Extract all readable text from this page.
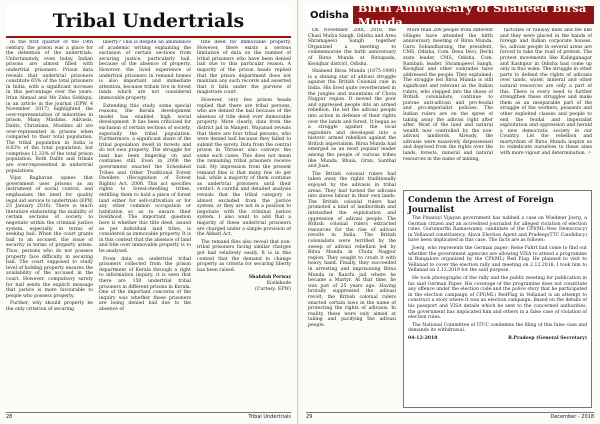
Tribal Undertrials

In the first quarter of the 19th century, the prison was a place for the detention of the undertrials. Unfortunately, even today, Indian prisons are almost filled with undertrial prisoners. Prison data reveals that undertrial prisoners constitute 65% of the total prisoners in India, with a significant increase in this percentage over the years. Irfan Ahmad and Ms Zeba Siddiqui, in an article in the journal (EPW, 4 November 2017) highlighted the over-representation of minorities in prison. Many Muslims, Adivasis, Dalits, Christians, Muslims all are over-represented in prisons when compared to their total population. The tribal population in India is 8.63% of the total population, but comprises 11.33% of the total prison population. Both Dalits and tribals are over-represented in undertrial populations.

Vijay Raghavan opines that government uses prisons as an instrument of social control, and emphasises the need for quality legal aid service to undertrials (EPW, 23 January 2016). There is much literature elaborating the inability of certain sections of society to negotiate within the criminal justice system, especially in terms of seeking bail. When the court grants bail to an accused, the issue of security in terms of property arises. Thus, persons who do not possess property face difficulty in securing bail. The court supposed to study level of holding property ensures the availability of the accused in the court. However, compulsory surety for bail sends the explicit message that justice is more favourable to people who possess property.

Further, why should property be the only criterion of securing

liberty? This is despite an abundance of academic writing explaining the exclusion of certain sections from securing justice, particularly bail, because of the absence of property. However, the lived experience of undertrial prisoners in remand homes is also important and immediate attention, because tribals live in forest lands which are not considered immovable property.

Extending this study, some special reasons, the Kerala development model has enabled high social development. It has been criticised for exclusion of certain sections of society, especially the tribal population. Furthermore, a significant share of the tribal population dwell in forests and do not own property. The struggle for land has been lingering on and continues still. Even in 2006 the government enacted the Scheduled Tribes and Other Traditional Forest Dwellers (Recognition of Forest Rights) Act, 2006. This act specifies rights to forest-dwelling tribes, entitling them to hold a piece of forest land either for self-cultivation or for any other common occupation or habitation so as to ensure their livelihood. The important question here is whether this title deed, issued as per individual land titles, is considered as immovable property. It is in this context that the absence of land and title over immovable property is to be analysed.

From data on undertrial tribal prisoners collected from the prison department of Kerala through a right to information inquiry, it is seen that there are 150 undertrial tribal prisoners in different prisons in Kerala. One of the important concerns of the inquiry was whether these prisoners are being denied bail due to the absence of

title deed for immovable property. However, there exists a serious limitation of data on the number of tribal prisoners who have been denied bail due to this particular reason. A majority of the prison heads replied that the prison department does not maintain any such records and asserted that it falls under the purview of magistrate court.

However, very few prison heads replied that there are tribal persons, who are denied the bail because of the absence of title deed over immovable property. More clearly, data from the district jail in Manjeri, Wayanad reveals that there are four tribal persons, who were denied bail because they failed to submit the surety. Data from the central prison in Thrissur also conveys the same such cases. This does not mean the remaining tribal prisoners receive bail. My impression from the present remand files is that many few do get bail, while a majority of them continue as undertrial prisoners until their verdict. A careful and detailed analysis reveals that the tribal category is almost excluded from the justice system, or they are not in a position to negotiate with the criminal justice system. I also want to add that a majority of these undertrial prisoners are charged under a simple provision of the Abkari Act.

The remand files also reveal that non-tribal prisoners facing similar charges got bail relatively easily. It is in this context that the demand to change property as criteria for securing liberty has been raised.

Shahdab Perwaz
Kozhikode
(Curtesy: EPW)
28	Tribal Undertrials
Odisha Birth Anniversary of Shaheed Birsa Munda

On November 20th, 2018, the Chasi Mulya Sangh, Odisha and Area Shramajeevi Sangh together Organized a meeting to commemorate the birth anniversary of Birsa Munda at Birsapada, Keonjhar district, Odisha.

Shaheed Birsa Munda (1875-1900) is a shining star of adivasi struggle against the British Colonial rule in India. His lived quite reverberated in the jungles and mountains of Chota Nagpur region. It moved the poor and oppressed people into an armed rebellion. He led the adivasi people into action in defense of their rights over the lands and forest. It began as a struggle against the local exploiters and developed into a historic armed rebellion against the British imperialism. Birsa Munda had emerged as an most popular leader among the people of various tribes like Munda, Bhuia, Oran, Santhal and Juan.

The British colonial rulers had taken away the rights traditionally enjoyed by the adivasis in tribal areas. They had turned the adivasis into slaves labour in their own lands. The British colonial rulers had promoted a kind of landlordism and intensified the exploitation and oppression of adivasi people. The British colonial rulers extracted resources for the rise of adivasi revolts in India. The British colonialists were terrified by the sweep of adivasi rebellion led by Birsa Munda in Chota Nagpur region. They sought to crush it with heavy hand. Finally, they succeeded in arresting and imprisoning Birsa Munda in Ranchi jail where he became a Martyr. At that time, he was just of 25 years age. Having brutally suppressed the adivasi revolt, the British colonial rulers enacted certain laws in the name of protecting the rights of adivasis. In reality, these were only aimed at taking and pacifying the adivasi people.

More than 200 people from different villages have attended the birth anniversary meeting of Birsa Munda. Guru Sobandharang, the president, CMS, Odisha, Com. Besu Devi, Dechi state leader, CMS, Odisha, Com. Ranibati, leader, Shramajeevi Sangh, Keonjhar and other comrades have addressed the people. They explained: The struggle led Birsa Munda is still significant and relevant as the Indian rulers, who stepped into the shoes of British colonialists, continue to pursue anti-adivasi and pro-feudal and pro-imperialist policies. The Indian rulers are on the spree of taking away the adivasi right after after. Most of the land and natural wealth now controlled by the non-adivasi landlords. Already, the adivasis were massively dispossessed and deprived from the rights over the lands, forests, mineral and natural resources in the name of mining,

factories or railway lines and the like and they were placed in the hands of foreign and Indian corporate houses. So, adivasi people in several areas are forced to take the road of protest. The protest movements like Kalinganagar and Kashipur in Odisha had come up only in this wake. The struggle in other parts to defend the rights of adivasis over lands, water, mineral and other natural resources are only a part of this. There is every need to further strengthen these struggles and make them as an inseparable part of the struggle of the workers, peasants and other exploited classes and people to end the feudal and imperialist exploitation and oppression and herald a new democratic society in our Country. Let the rebellion and martyrdom of Birsa Munda inspire us to rededicate ourselves to these aims with more vigour and determination. ✧

Condemn the Arrest of Foreign Journalist

The Pinarayi Vijayan government has nabbed a case on Wiedmer Joerg, a German citizen and an accredited journalist for alleged violation of election rules. Gurumurthi Ramaswamy, candidate of the CPI(ML-New Democracy) in Vellanad constituency, Aluva Election Agent and Pradeep(TTC Candidacy) have been implicated in this case. The facts are as follows:

Joerg, who represents the German paper: Reise Fahrt had come to find out whether the government agencies are allowing VISA to attend a programme in Bangalore organized by the CPI(ML) Red Flag. He planned to visit to Vellanad to cover the election rally and meeting on 2.12.2018. I took him to Vellanad on 2.12.2018 for the said purpose.

He took photographs of the rally and the public meeting for publication in his said German Paper. His coverage of the programme does not constitute any offence under the election code and the police story that he participated in the election campaign of CPI(ML) RedFlag in Vellanad is an attempt to construct a story where it was an election campaign. Based on the details of his passport and VISA details which he sent to the concerned authorities, the government has implicated him and others in a false case of violation of election rules.

The National Committee of ITUC condemns the filing of this false case and demands its withdrawal.

04-12-2018	R.Pradeep (General Secretary)
29	December - 2018
